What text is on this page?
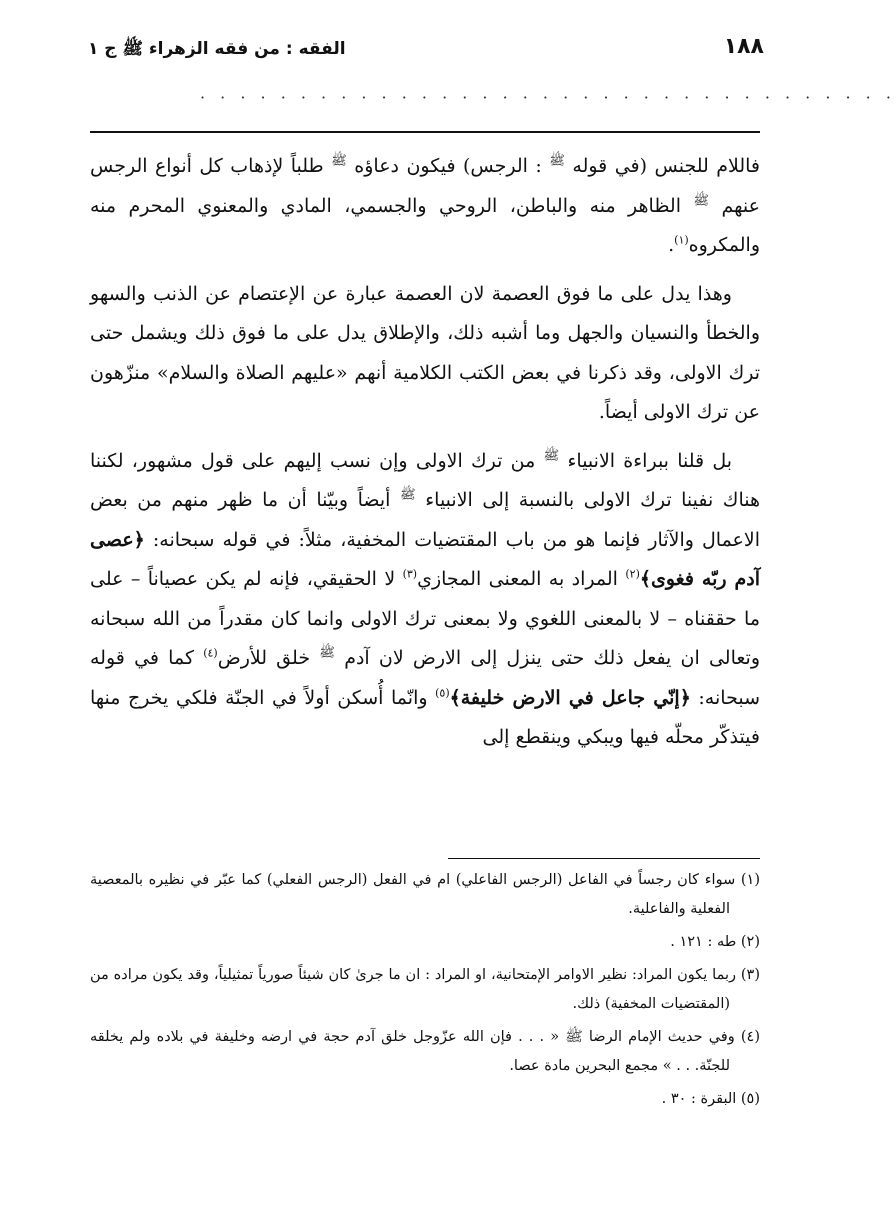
١٨٨
الفقه : من فقه الزهراء ﷺ ج ١
· · · · · · · · · · · · · · · · · · · · · · · · · · · · · · · · · · ·

فاللام للجنس (في قوله $^ﷺ$ : الرجس) فيكون دعاؤه $^ﷺ$ طلباً لإذهاب كل أنواع الرجس عنهم $^ﷺ$ الظاهر منه والباطن، الروحي والجسمي، المادي والمعنوي المحرم منه والمكروه$^{(١)}$.

وهذا يدل على ما فوق العصمة لان العصمة عبارة عن الإعتصام عن الذنب والسهو والخطأ والنسيان والجهل وما أشبه ذلك، والإطلاق يدل على ما فوق ذلك ويشمل حتى ترك الاولى، وقد ذكرنا في بعض الكتب الكلامية أنهم «عليهم الصلاة والسلام» منزّهون عن ترك الاولى أيضاً.

بل قلنا ببراءة الانبياء $^ﷺ$ من ترك الاولى وإن نسب إليهم على قول مشهور، لكننا هناك نفينا ترك الاولى بالنسبة إلى الانبياء $^ﷺ$ أيضاً وبيّنا أن ما ظهر منهم من بعض الاعمال والآثار فإنما هو من باب المقتضيات المخفية، مثلاً: في قوله سبحانه: ﴿عصى آدم ربّه فغوى﴾$^{(٢)}$ المراد به المعنى المجازي$^{(٣)}$ لا الحقيقي، فإنه لم يكن عصياناً – على ما حققناه – لا بالمعنى اللغوي ولا بمعنى ترك الاولى وانما كان مقدراً من الله سبحانه وتعالى ان يفعل ذلك حتى ينزل إلى الارض لان آدم $^ﷺ$ خلق للأرض$^{(٤)}$ كما في قوله سبحانه: ﴿إنّي جاعل في الارض خليفة﴾$^{(٥)}$ وانّما أُسكن أولاً في الجنّة فلكي يخرج منها فيتذكّر محلّه فيها ويبكي وينقطع إلى

(١) سواء كان رجساً في الفاعل (الرجس الفاعلي) ام في الفعل (الرجس الفعلي) كما عبّر في نظيره بالمعصية الفعلية والفاعلية.

(٢) طه : ١٢١ .

(٣) ربما يكون المراد: نظير الاوامر الإمتحانية، او المراد : ان ما جرىٰ كان شيئاً صورياً تمثيلياً، وقد يكون مراده من (المقتضيات المخفية) ذلك.

(٤) وفي حديث الإمام الرضا ﷺ « . . . فإن الله عزّوجل خلق آدم حجة في ارضه وخليفة في بلاده ولم يخلقه للجنّة. . . » مجمع البحرين مادة عصا.

(٥) البقرة : ٣٠ .
